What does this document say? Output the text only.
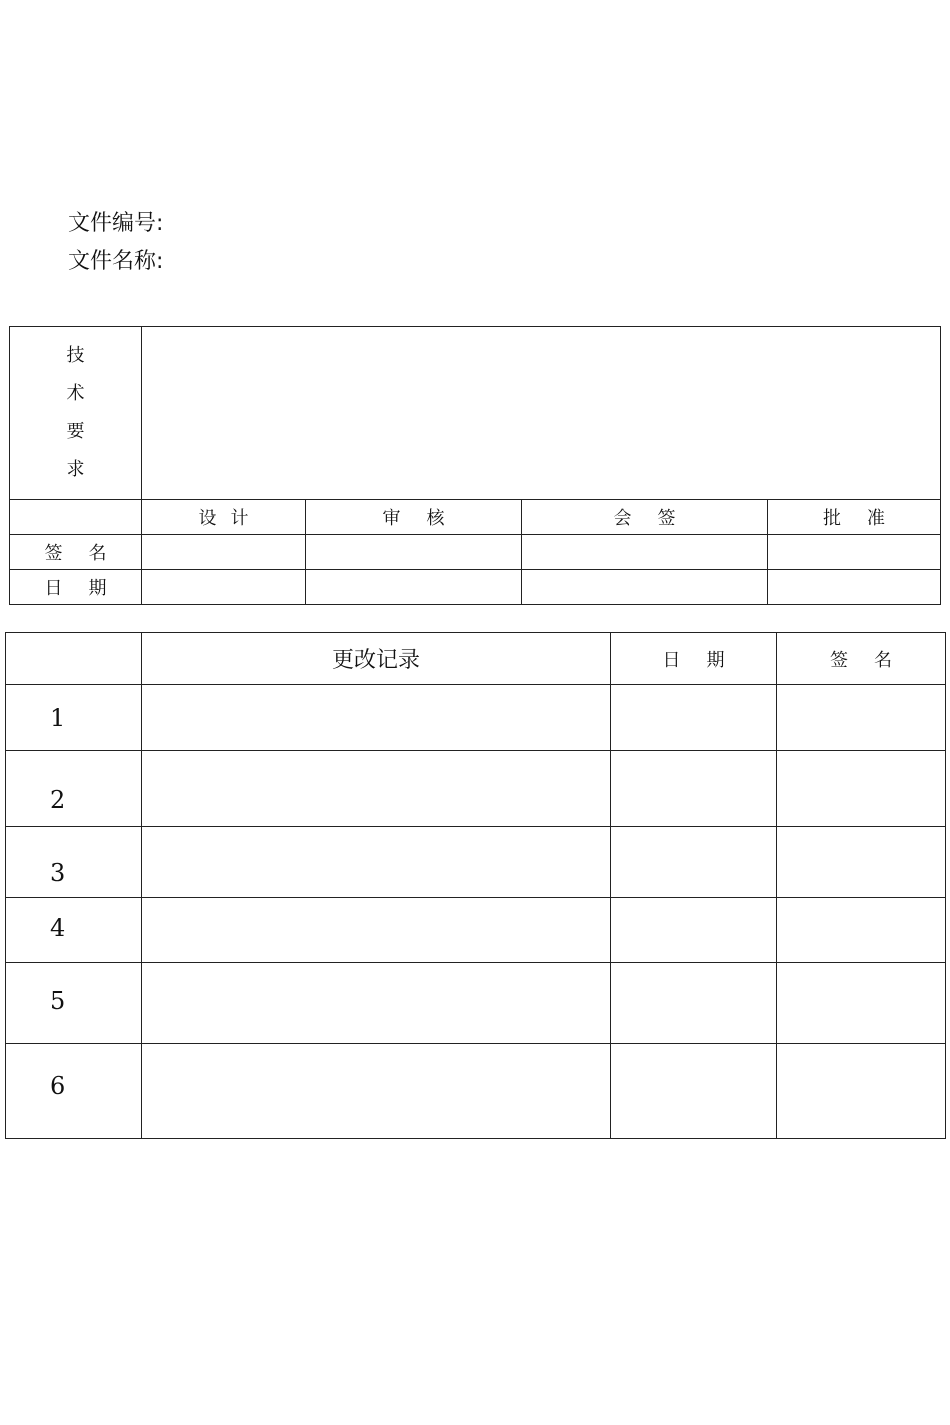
文件编号:
文件名称:
技
术
要
求				

	设计	审核	会签	批准
签名				
日期				
	更改记录	日期	签名
1			
2			
3			
4			
5			
6			
